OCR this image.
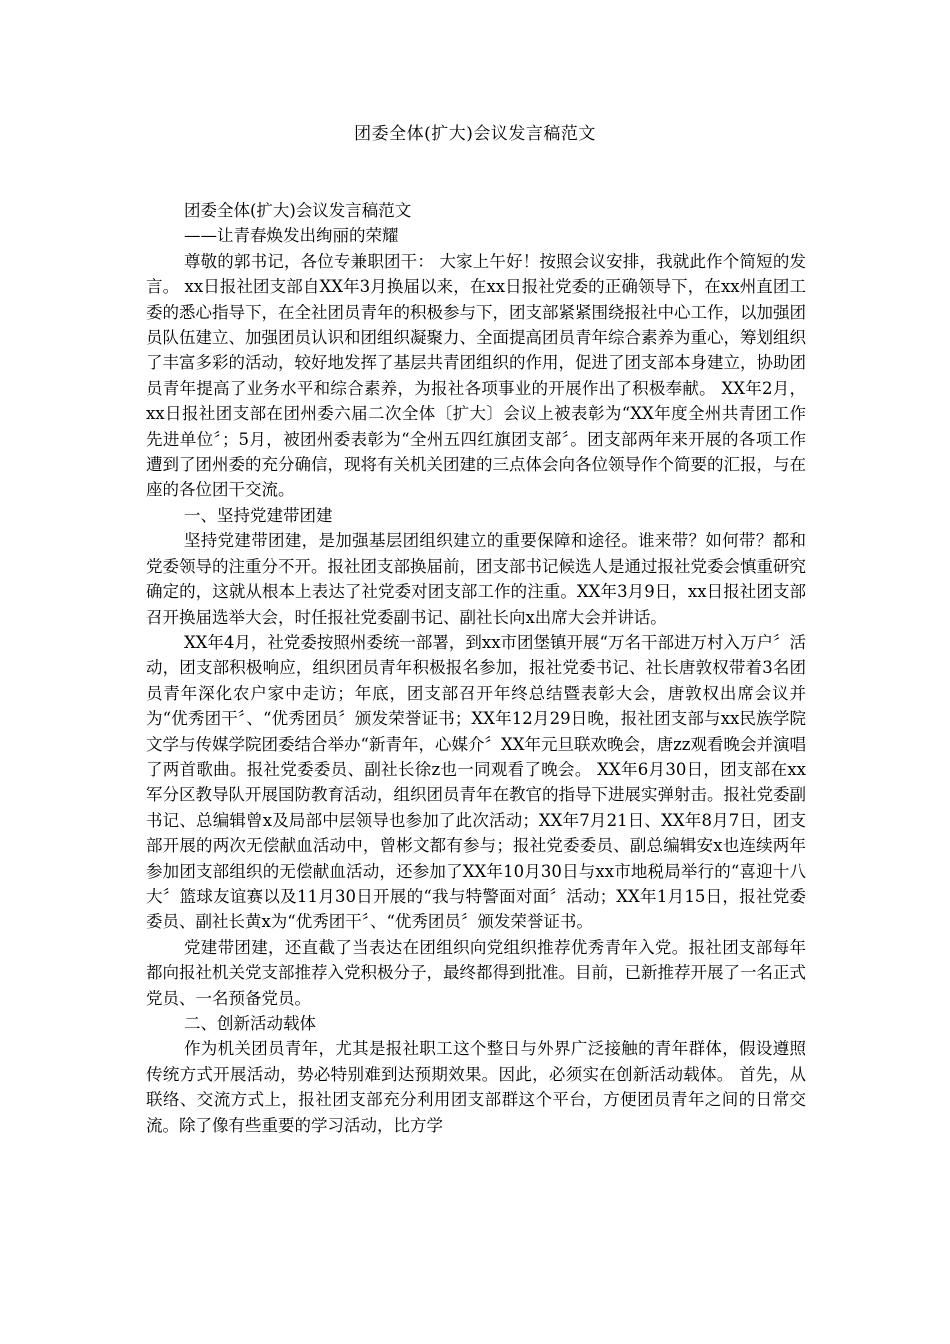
团委全体(扩大)会议发言稿范文

团委全体(扩大)会议发言稿范文

——让青春焕发出绚丽的荣耀

尊敬的郭书记，各位专兼职团干： 大家上午好！按照会议安排，我就此作个简短的发言。 xx日报社团支部自XX年3月换届以来，在xx日报社党委的正确领导下，在xx州直团工委的悉心指导下，在全社团员青年的积极参与下，团支部紧紧围绕报社中心工作，以加强团员队伍建立、加强团员认识和团组织凝聚力、全面提高团员青年综合素养为重心，筹划组织了丰富多彩的活动，较好地发挥了基层共青团组织的作用，促进了团支部本身建立，协助团员青年提高了业务水平和综合素养，为报社各项事业的开展作出了积极奉献。 XX年2月，xx日报社团支部在团州委六届二次全体〔扩大〕会议上被表彰为“XX年度全州共青团工作先进单位〞；5月，被团州委表彰为“全州五四红旗团支部〞。团支部两年来开展的各项工作遭到了团州委的充分确信，现将有关机关团建的三点体会向各位领导作个简要的汇报，与在座的各位团干交流。

一、坚持党建带团建

坚持党建带团建，是加强基层团组织建立的重要保障和途径。谁来带？如何带？都和党委领导的注重分不开。报社团支部换届前，团支部书记候选人是通过报社党委会慎重研究确定的，这就从根本上表达了社党委对团支部工作的注重。XX年3月9日，xx日报社团支部召开换届选举大会，时任报社党委副书记、副社长向x出席大会并讲话。

XX年4月，社党委按照州委统一部署，到xx市团堡镇开展“万名干部进万村入万户〞活动，团支部积极响应，组织团员青年积极报名参加，报社党委书记、社长唐敦权带着3名团员青年深化农户家中走访；年底，团支部召开年终总结暨表彰大会，唐敦权出席会议并为“优秀团干〞、“优秀团员〞颁发荣誉证书；XX年12月29日晚，报社团支部与xx民族学院文学与传媒学院团委结合举办“新青年，心媒介〞XX年元旦联欢晚会，唐zz观看晚会并演唱了两首歌曲。报社党委委员、副社长徐z也一同观看了晚会。 XX年6月30日，团支部在xx军分区教导队开展国防教育活动，组织团员青年在教官的指导下进展实弹射击。报社党委副书记、总编辑曾x及局部中层领导也参加了此次活动；XX年7月21日、XX年8月7日，团支部开展的两次无偿献血活动中，曾彬文都有参与；报社党委委员、副总编辑安x也连续两年参加团支部组织的无偿献血活动，还参加了XX年10月30日与xx市地税局举行的“喜迎十八大〞篮球友谊赛以及11月30日开展的“我与特警面对面〞活动；XX年1月15日，报社党委委员、副社长黄x为“优秀团干〞、“优秀团员〞颁发荣誉证书。

党建带团建，还直截了当表达在团组织向党组织推荐优秀青年入党。报社团支部每年都向报社机关党支部推荐入党积极分子，最终都得到批准。目前，已新推荐开展了一名正式党员、一名预备党员。

二、创新活动载体

作为机关团员青年，尤其是报社职工这个整日与外界广泛接触的青年群体，假设遵照传统方式开展活动，势必特别难到达预期效果。因此，必须实在创新活动载体。 首先，从联络、交流方式上，报社团支部充分利用团支部群这个平台，方便团员青年之间的日常交流。除了像有些重要的学习活动，比方学
